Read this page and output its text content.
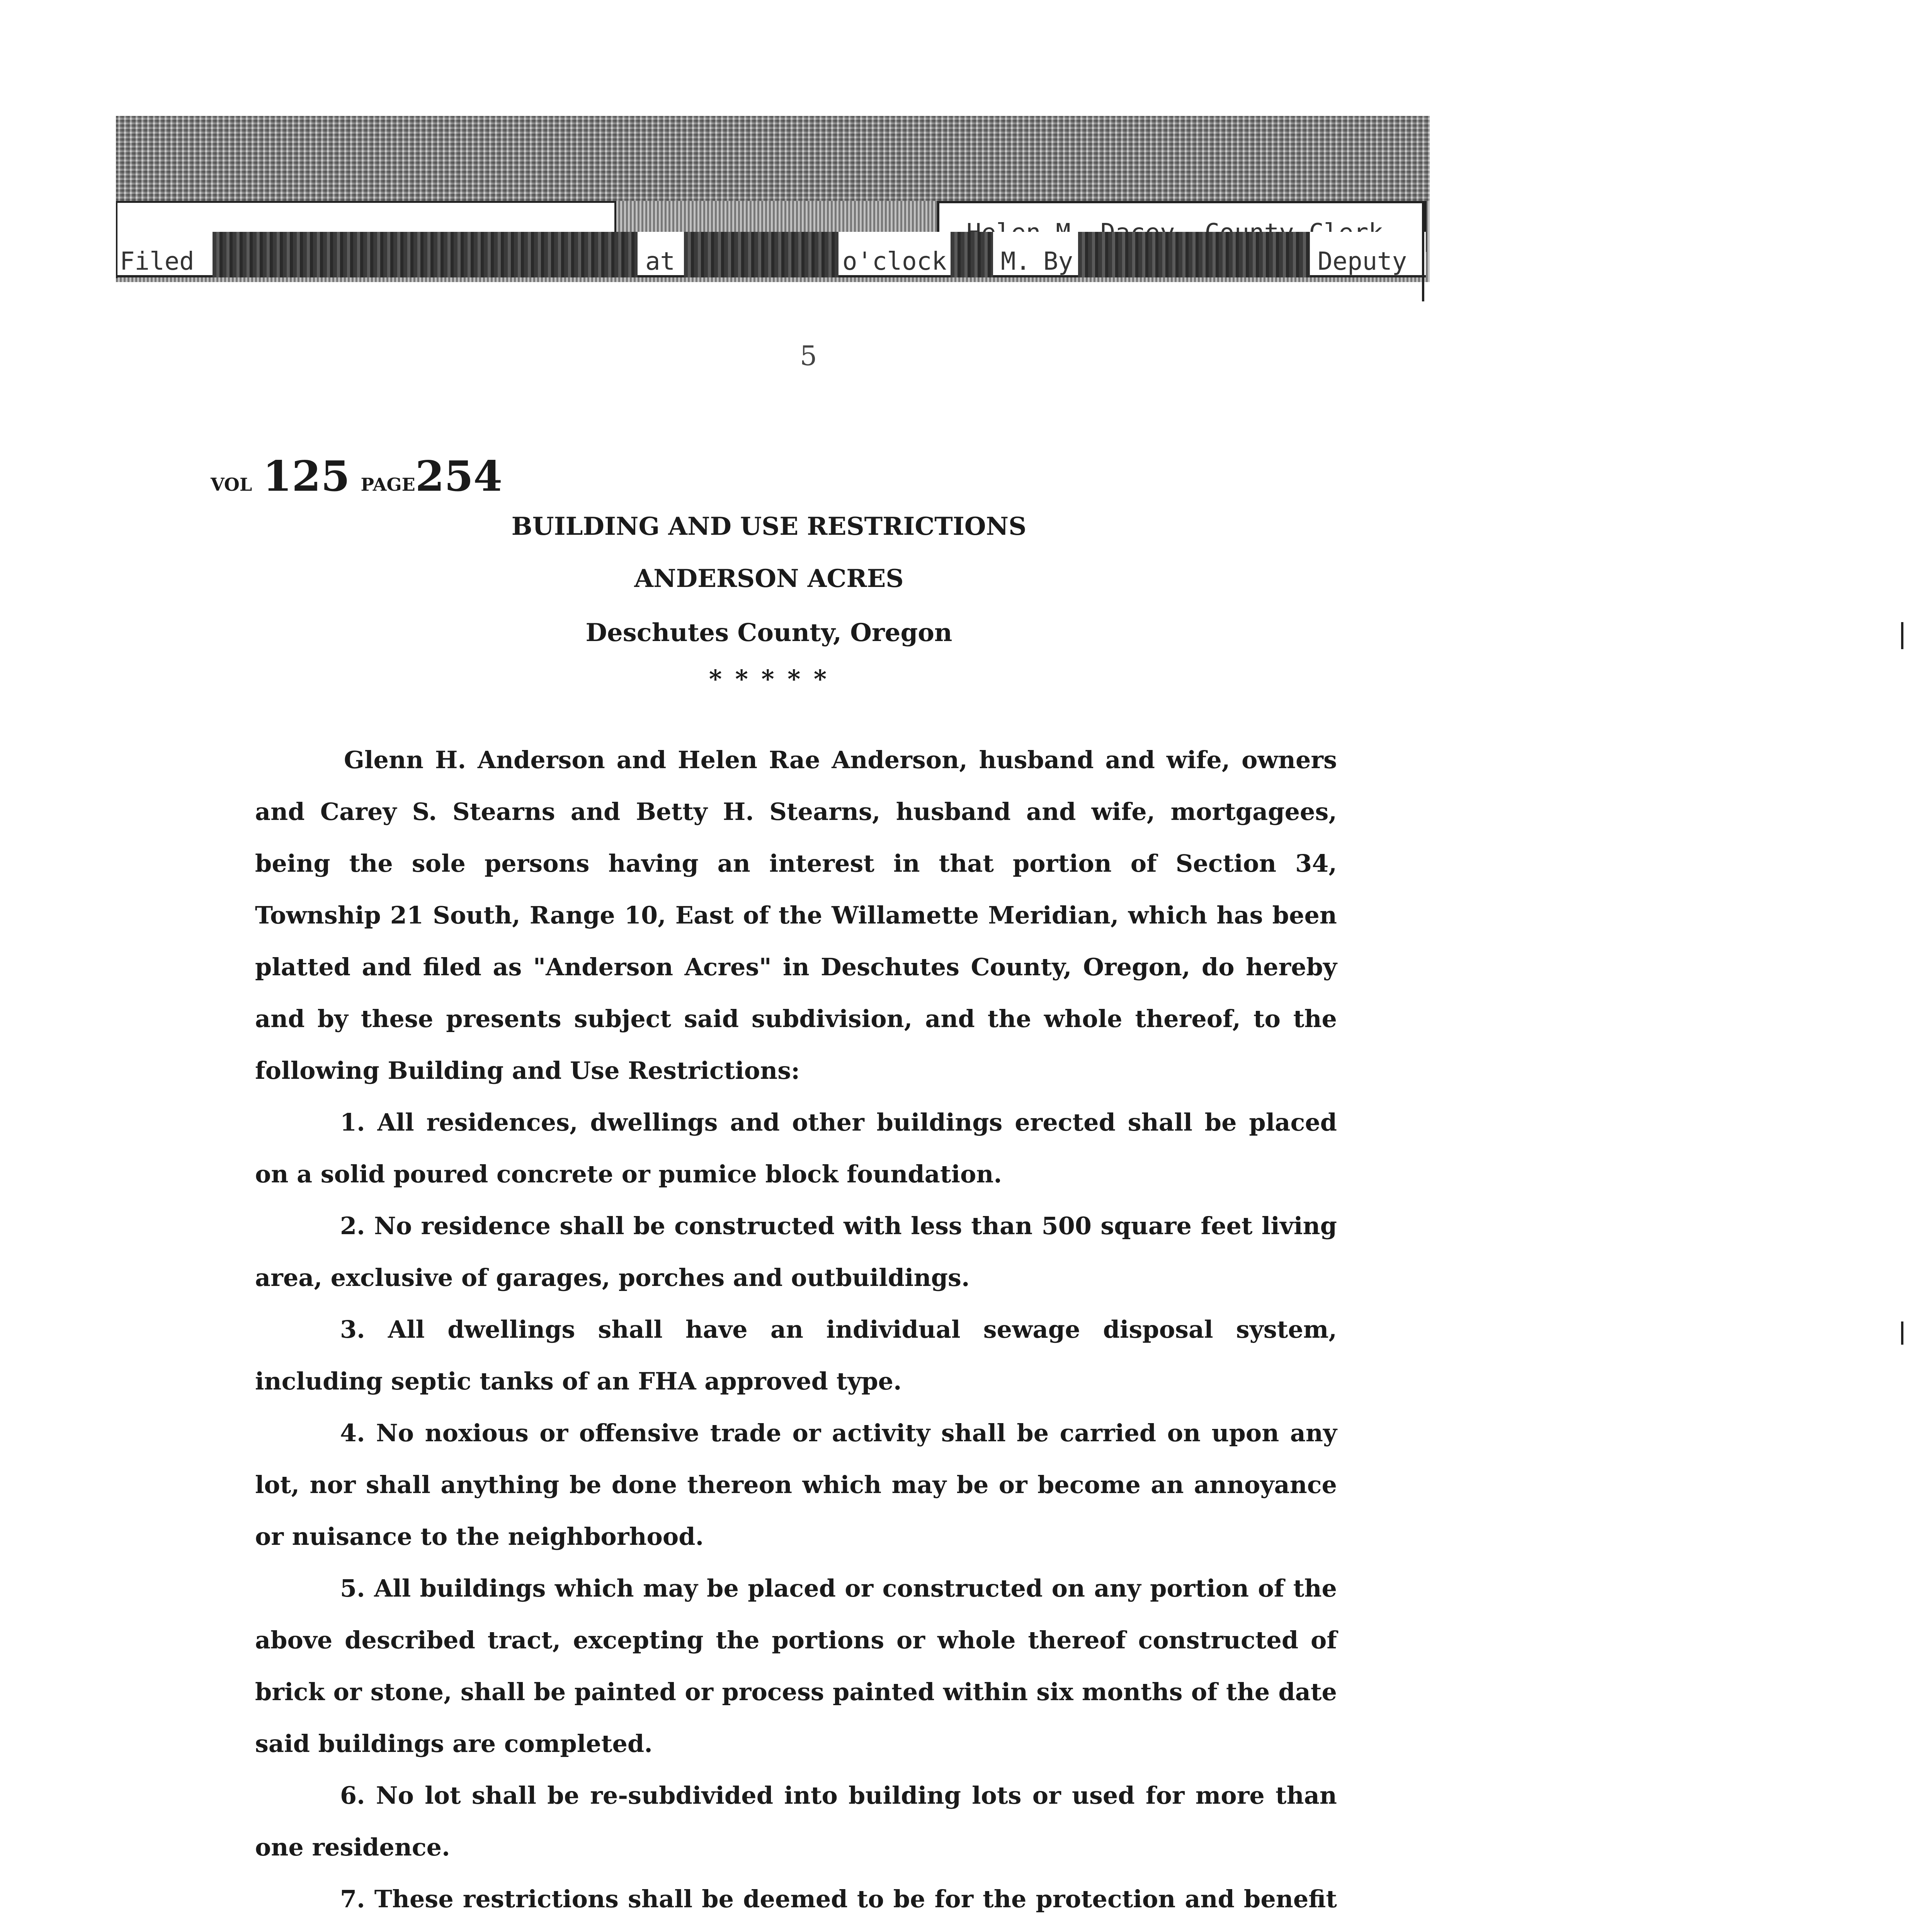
Filed	at	o'clock M. By	Deputy
5
VOL 125 PAGE254
BUILDING AND USE RESTRICTIONS
ANDERSON ACRES
Deschutes County, Oregon
* * * * *

Glenn H. Anderson and Helen Rae Anderson, husband and wife, owners and Carey S. Stearns and Betty H. Stearns, husband and wife, mortgagees, being the sole persons having an interest in that portion of Section 34, Township 21 South, Range 10, East of the Willamette Meridian, which has been platted and filed as "Anderson Acres" in Deschutes County, Oregon, do hereby and by these presents subject said subdivision, and the whole thereof, to the following Building and Use Restrictions:

1. All residences, dwellings and other buildings erected shall be placed on a solid poured concrete or pumice block foundation.

2. No residence shall be constructed with less than 500 square feet living area, exclusive of garages, porches and outbuildings.

3. All dwellings shall have an individual sewage disposal system, including septic tanks of an FHA approved type.

4. No noxious or offensive trade or activity shall be carried on upon any lot, nor shall anything be done thereon which may be or become an annoyance or nuisance to the neighborhood.

5. All buildings which may be placed or constructed on any portion of the above described tract, excepting the portions or whole thereof constructed of brick or stone, shall be painted or process painted within six months of the date said buildings are completed.

6. No lot shall be re-subdivided into building lots or used for more than one residence.

7. These restrictions shall be deemed to be for the protection and benefit
